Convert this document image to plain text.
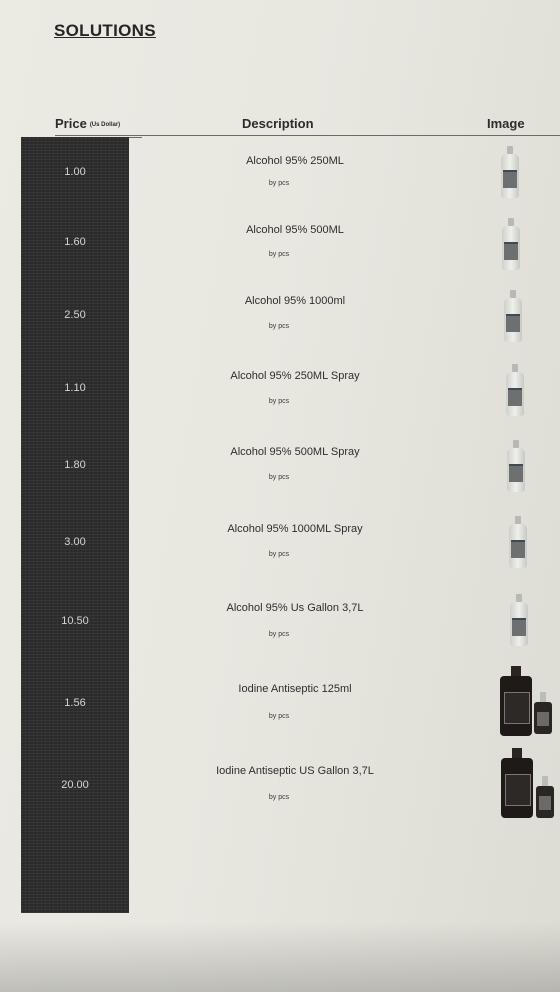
SOLUTIONS
Price (Us Dollar)	Description	Image
1.00
1.60
2.50
1.10
1.80
3.00
10.50
1.56
20.00
Alcohol 95% 250ML
by pcs
Alcohol 95% 500ML
by pcs
Alcohol 95% 1000ml
by pcs
Alcohol 95% 250ML Spray
by pcs
Alcohol 95% 500ML Spray
by pcs
Alcohol 95% 1000ML Spray
by pcs
Alcohol 95% Us Gallon 3,7L
by pcs
Iodine Antiseptic 125ml
by pcs
Iodine Antiseptic US Gallon 3,7L
by pcs
